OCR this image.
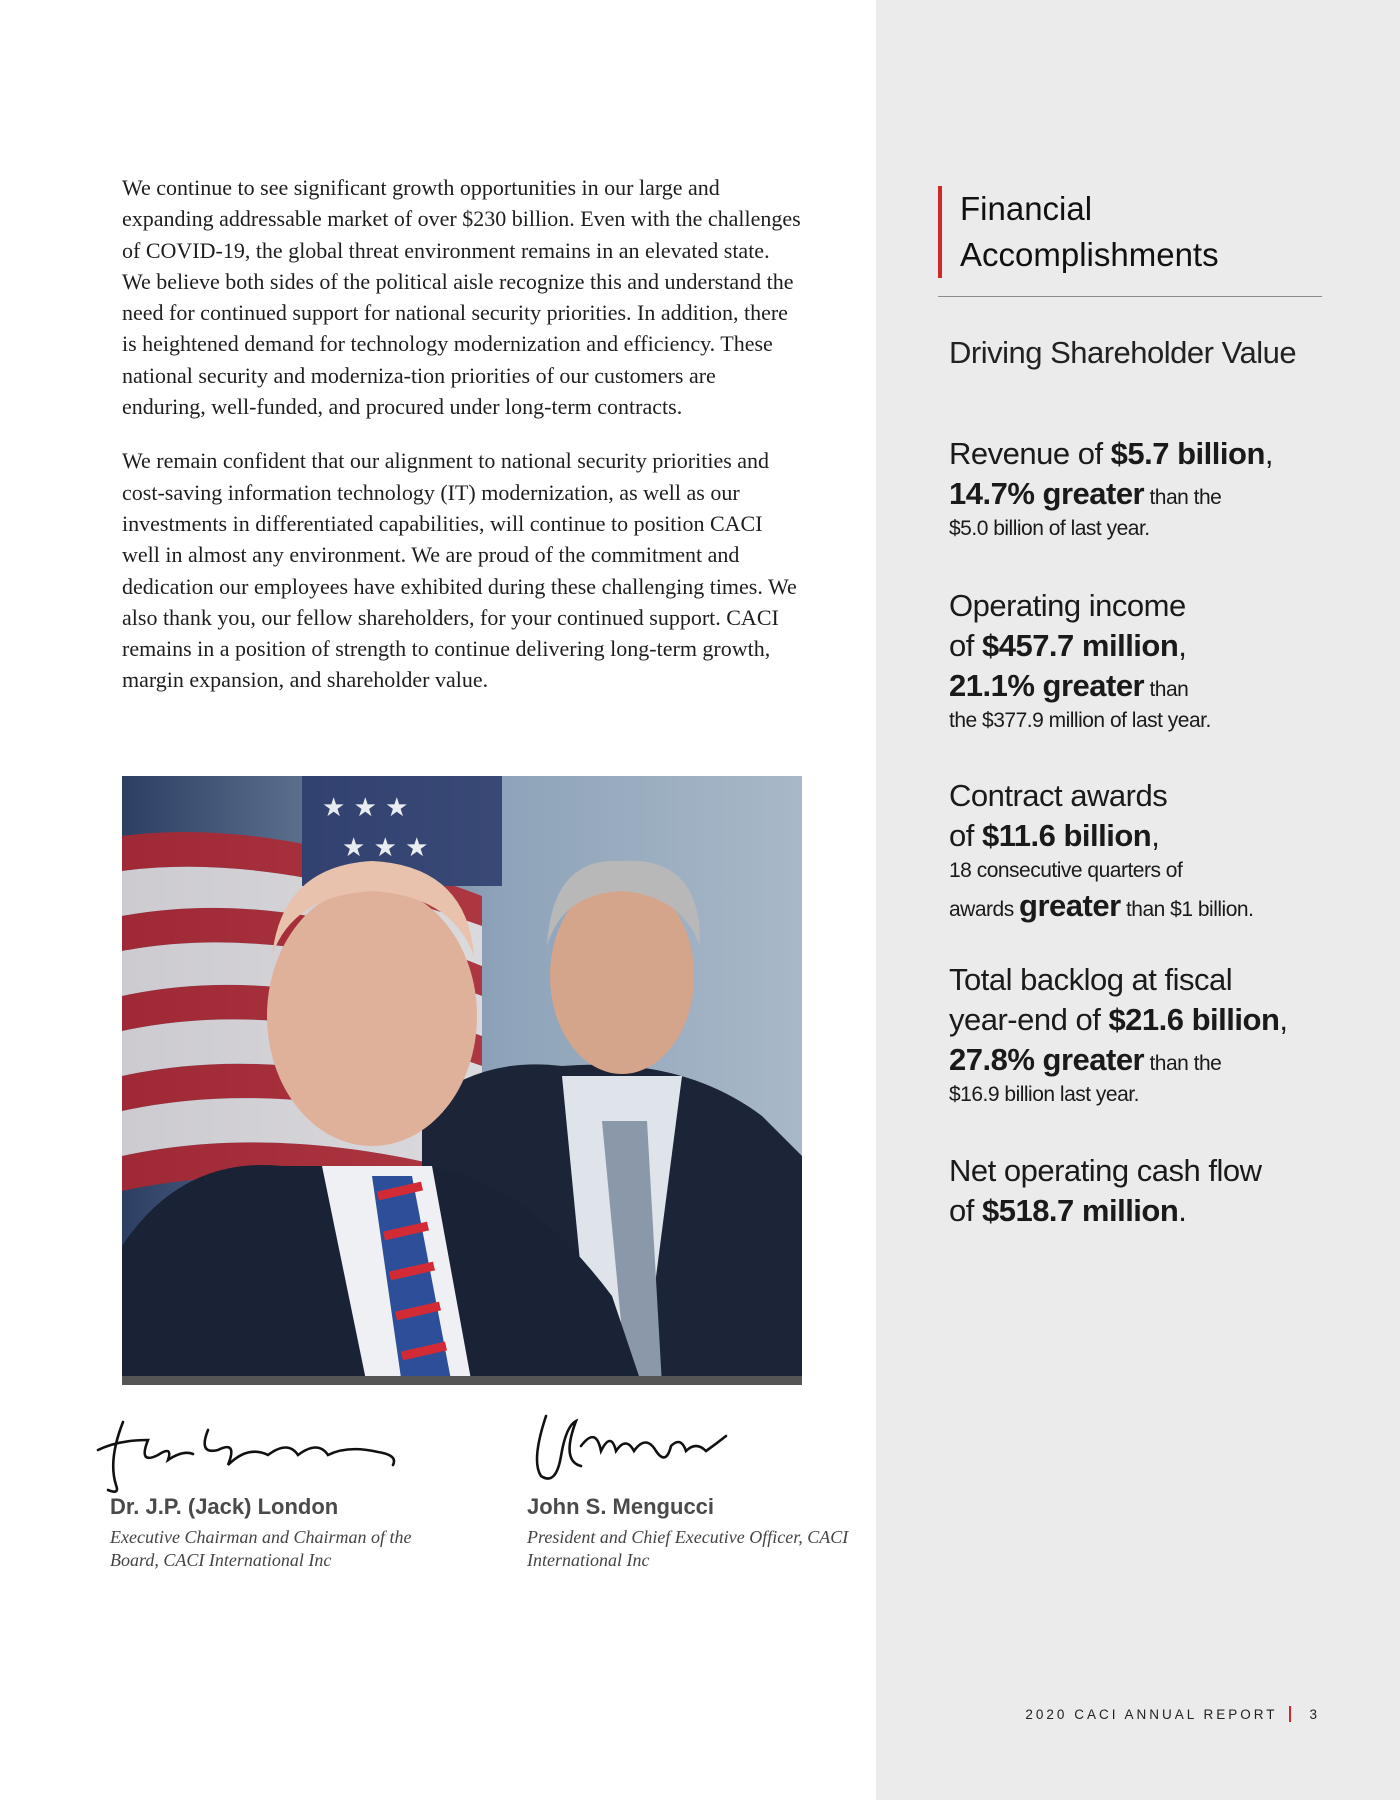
We continue to see significant growth opportunities in our large and expanding addressable market of over $230 billion. Even with the challenges of COVID-19, the global threat environment remains in an elevated state. We believe both sides of the political aisle recognize this and understand the need for continued support for national security priorities. In addition, there is heightened demand for technology modernization and efficiency. These national security and moderniza-tion priorities of our customers are enduring, well-funded, and procured under long-term contracts.

We remain confident that our alignment to national security priorities and cost-saving information technology (IT) modernization, as well as our investments in differentiated capabilities, will continue to position CACI well in almost any environment. We are proud of the commitment and dedication our employees have exhibited during these challenging times. We also thank you, our fellow shareholders, for your continued support. CACI remains in a position of strength to continue delivering long-term growth, margin expansion, and shareholder value.

★ ★ ★
★ ★ ★

Dr. J.P. (Jack) London

Executive Chairman and Chairman of the Board, CACI International Inc

John S. Mengucci

President and Chief Executive Officer, CACI International Inc
Financial
Accomplishments
Driving Shareholder Value
Revenue of $5.7 billion,
14.7% greater than the
$5.0 billion of last year.
Operating income
of $457.7 million,
21.1% greater than
the $377.9 million of last year.
Contract awards
of $11.6 billion,
18 consecutive quarters of
awards greater than $1 billion.
Total backlog at fiscal
year-end of $21.6 billion,
27.8% greater than the
$16.9 billion last year.
Net operating cash flow
of $518.7 million.
2020 CACI ANNUAL REPORT 3
